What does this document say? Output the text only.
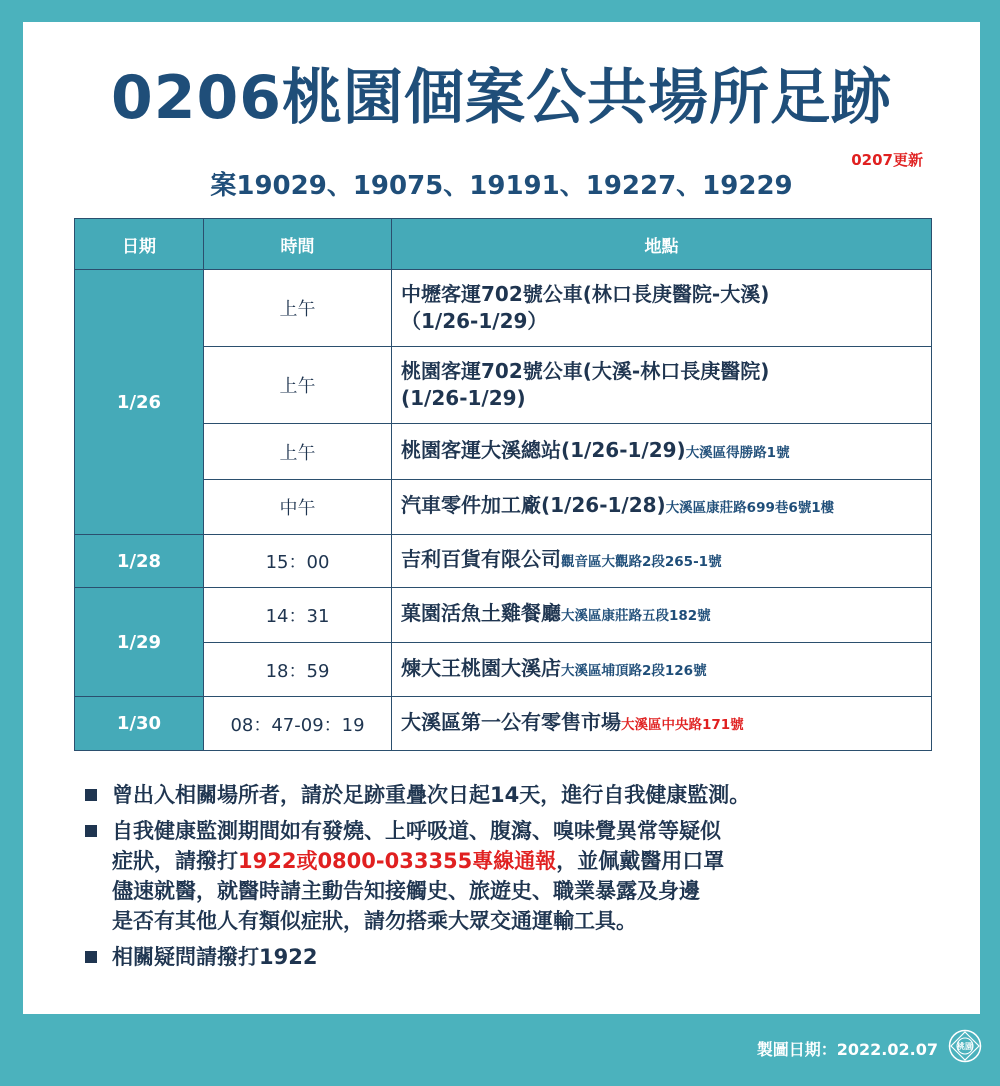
0206桃園個案公共場所足跡
0207更新
案19029、19075、19191、19227、19229
日期	時間	地點
1/26	上午	中壢客運702號公車(林口長庚醫院-大溪)
（1/26-1/29）

	上午	桃園客運702號公車(大溪-林口長庚醫院)
(1/26-1/29)

	上午	桃園客運大溪總站(1/26-1/29)大溪區得勝路1號
	中午	汽車零件加工廠(1/26-1/28)大溪區康莊路699巷6號1樓
1/28	15：00	吉利百貨有限公司觀音區大觀路2段265-1號
1/29	14：31	菓園活魚土雞餐廳大溪區康莊路五段182號
	18：59	煉大王桃園大溪店大溪區埔頂路2段126號
1/30	08：47-09：19	大溪區第一公有零售市場大溪區中央路171號
曾出入相關場所者，請於足跡重疊次日起14天，進行自我健康監測。
自我健康監測期間如有發燒、上呼吸道、腹瀉、嗅味覺異常等疑似
症狀，請撥打1922或0800-033355專線通報，並佩戴醫用口罩
儘速就醫，就醫時請主動告知接觸史、旅遊史、職業暴露及身邊
是否有其他人有類似症狀，請勿搭乘大眾交通運輸工具。
相關疑問請撥打1922
製圖日期：2022.02.07 桃園
